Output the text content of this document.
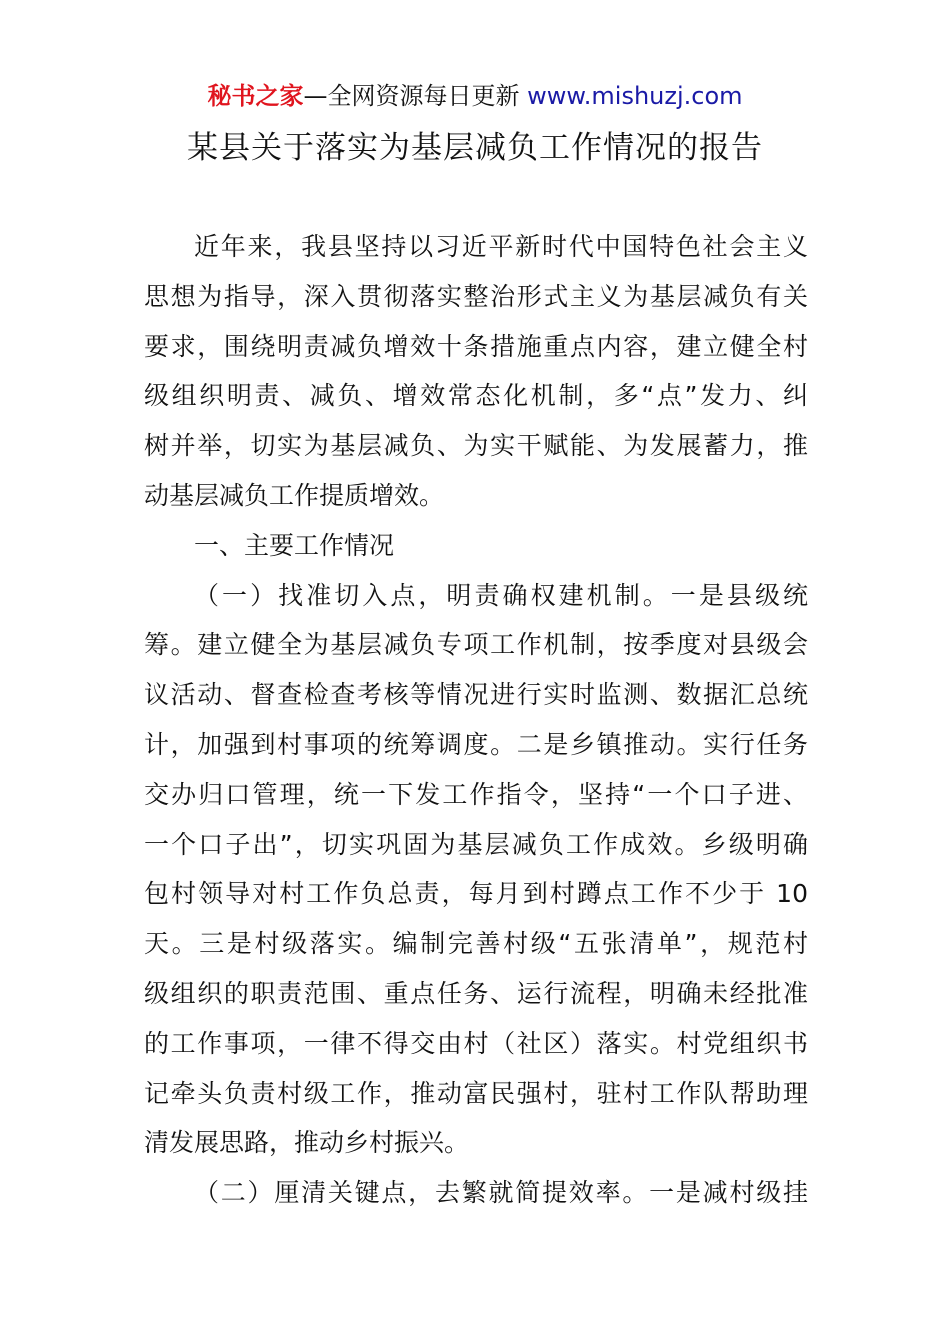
秘书之家—全网资源每日更新 www.mishuzj.com
某县关于落实为基层减负工作情况的报告
近年来，我县坚持以习近平新时代中国特色社会主义
思想为指导，深入贯彻落实整治形式主义为基层减负有关
要求，围绕明责减负增效十条措施重点内容，建立健全村
级组织明责、减负、增效常态化机制，多“点”发力、纠
树并举，切实为基层减负、为实干赋能、为发展蓄力，推
动基层减负工作提质增效。
一、主要工作情况
（一）找准切入点，明责确权建机制。一是县级统
筹。建立健全为基层减负专项工作机制，按季度对县级会
议活动、督查检查考核等情况进行实时监测、数据汇总统
计，加强到村事项的统筹调度。二是乡镇推动。实行任务
交办归口管理，统一下发工作指令，坚持“一个口子进、
一个口子出”，切实巩固为基层减负工作成效。乡级明确
包村领导对村工作负总责，每月到村蹲点工作不少于 10
天。三是村级落实。编制完善村级“五张清单”，规范村
级组织的职责范围、重点任务、运行流程，明确未经批准
的工作事项，一律不得交由村（社区）落实。村党组织书
记牵头负责村级工作，推动富民强村，驻村工作队帮助理
清发展思路，推动乡村振兴。
（二）厘清关键点，去繁就简提效率。一是减村级挂
